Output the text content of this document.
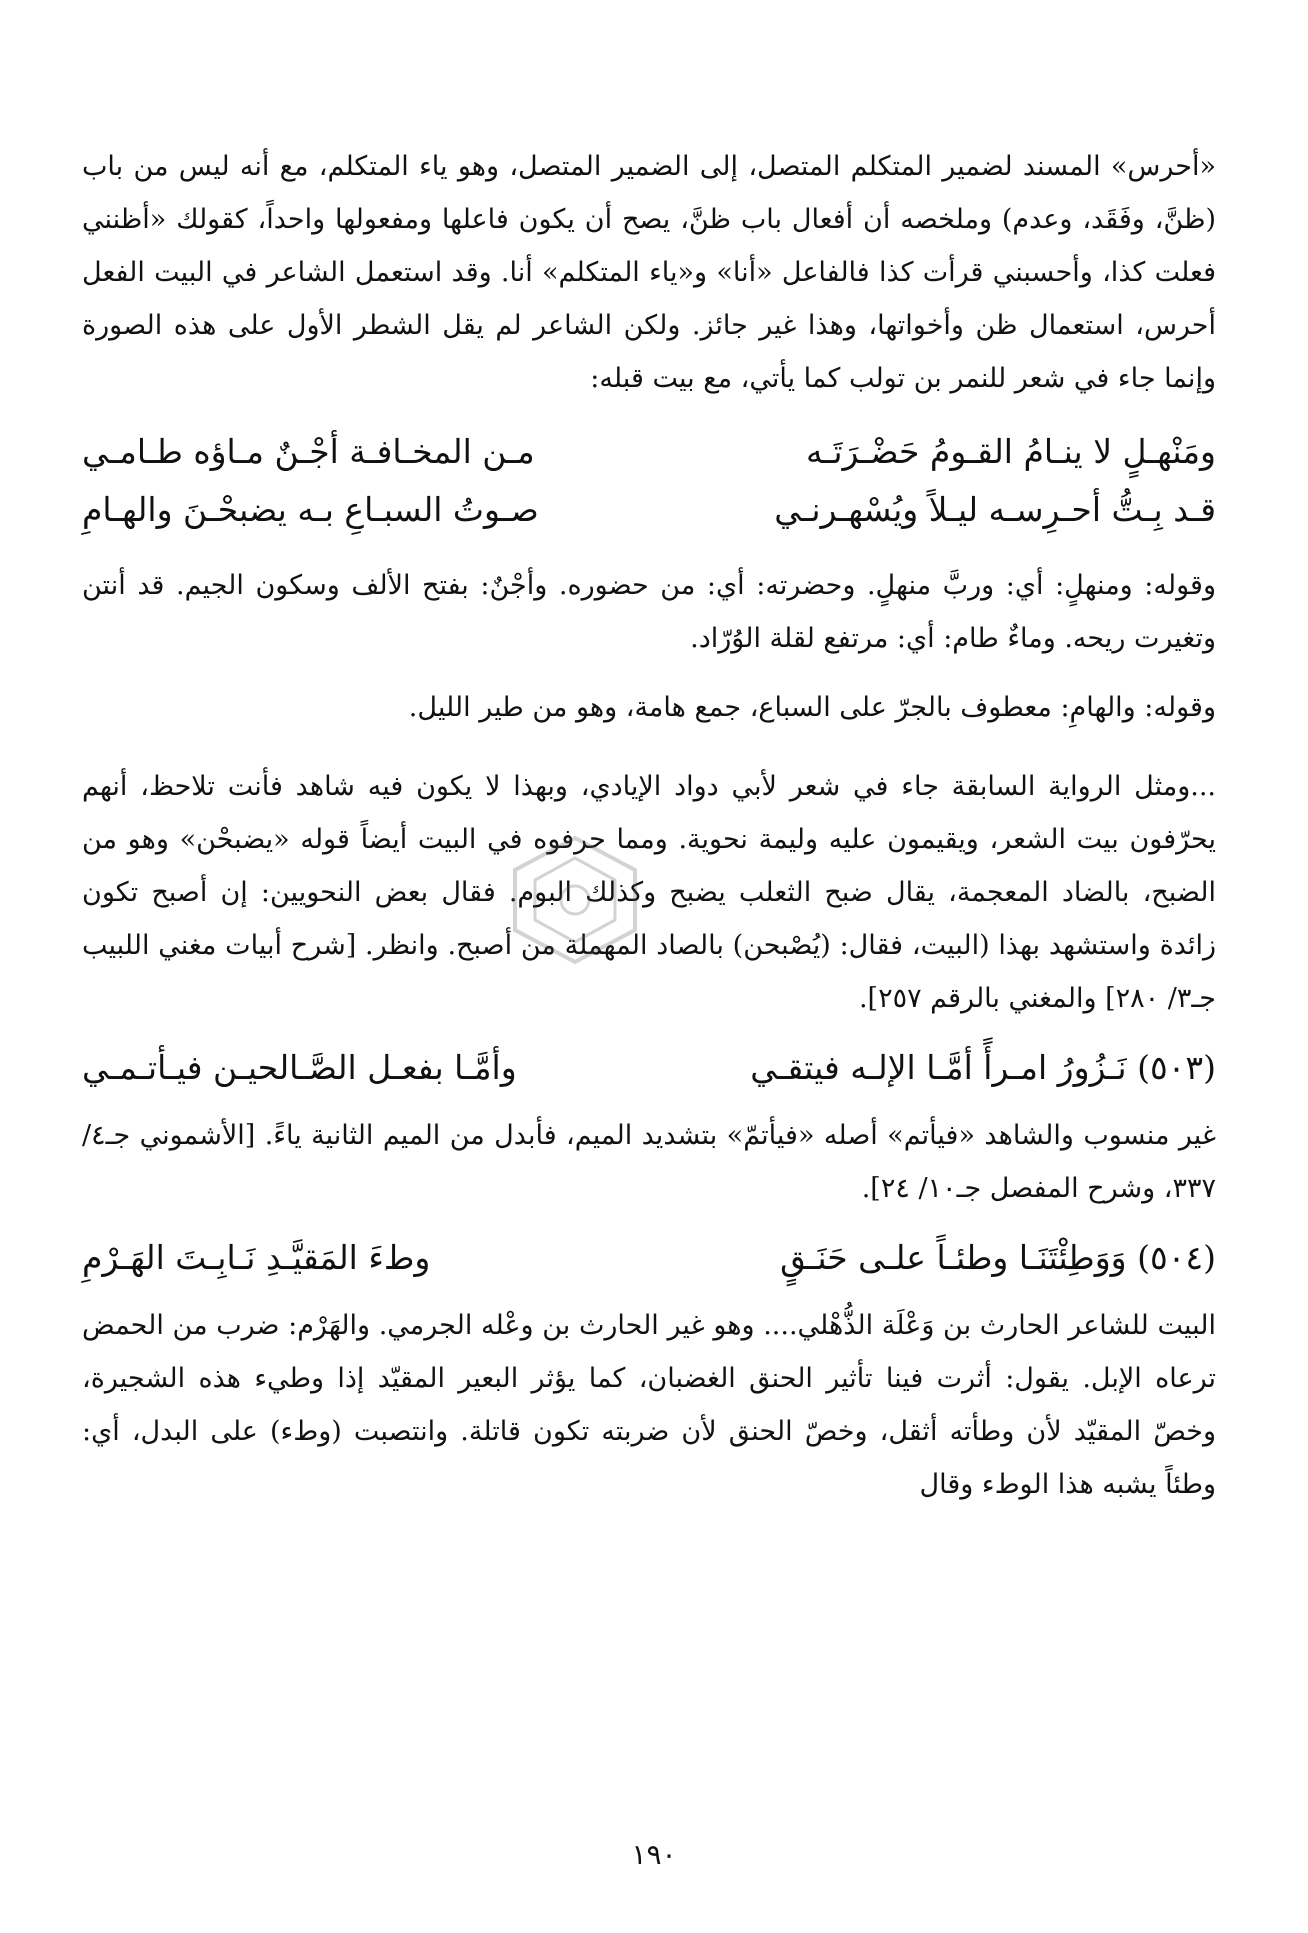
«أحرس» المسند لضمير المتكلم المتصل، إلى الضمير المتصل، وهو ياء المتكلم، مع أنه ليس من باب (ظنَّ، وفَقَد، وعدم) وملخصه أن أفعال باب ظنَّ، يصح أن يكون فاعلها ومفعولها واحداً، كقولك «أظنني فعلت كذا، وأحسبني قرأت كذا فالفاعل «أنا» و«ياء المتكلم» أنا. وقد استعمل الشاعر في البيت الفعل أحرس، استعمال ظن وأخواتها، وهذا غير جائز. ولكن الشاعر لم يقل الشطر الأول على هذه الصورة وإنما جاء في شعر للنمر بن تولب كما يأتي، مع بيت قبله:

ومَنْهـلٍ لا ينـامُ القـومُ حَضْـرَتَـه
مـن المخـافـة أجْـنٌ مـاؤه طـامـي
قـد بِـتُّ أحـرِسـه ليـلاً ويُسْهـرنـي
صـوتُ السبـاعِ بـه يضبحْـنَ والهـامِ

وقوله: ومنهلٍ: أي: وربَّ منهلٍ. وحضرته: أي: من حضوره. وأجْنٌ: بفتح الألف وسكون الجيم. قد أنتن وتغيرت ريحه. وماءٌ طام: أي: مرتفع لقلة الوُرّاد.

وقوله: والهامِ: معطوف بالجرّ على السباع، جمع هامة، وهو من طير الليل.

...ومثل الرواية السابقة جاء في شعر لأبي دواد الإيادي، وبهذا لا يكون فيه شاهد فأنت تلاحظ، أنهم يحرّفون بيت الشعر، ويقيمون عليه وليمة نحوية. ومما حرفوه في البيت أيضاً قوله «يضبحْن» وهو من الضبح، بالضاد المعجمة، يقال ضبح الثعلب يضبح وكذلك البوم. فقال بعض النحويين: إن أصبح تكون زائدة واستشهد بهذا (البيت، فقال: (يُصْبحن) بالصاد المهملة من أصبح. وانظر. [شرح أبيات مغني اللبيب جـ٣/ ٢٨٠] والمغني بالرقم ٢٥٧].

(٥٠٣) نَـزُورُ امـرأً أمَّـا الإلـه فيتقـي
وأمَّـا بفعـل الصَّـالحيـن فيـأتـمـي

غير منسوب والشاهد «فيأتم» أصله «فيأتمّ» بتشديد الميم، فأبدل من الميم الثانية ياءً. [الأشموني جـ٤/ ٣٣٧، وشرح المفصل جـ١٠/ ٢٤].

(٥٠٤) وَوَطِئْتَنَـا وطئـاً علـى حَنَـقٍ
وطءَ المَقيَّـدِ نَـابِـتَ الهَـرْمِ

البيت للشاعر الحارث بن وَعْلَة الذُّهْلي.... وهو غير الحارث بن وعْله الجرمي. والهَرْم: ضرب من الحمض ترعاه الإبل. يقول: أثرت فينا تأثير الحنق الغضبان، كما يؤثر البعير المقيّد إذا وطيء هذه الشجيرة، وخصّ المقيّد لأن وطأته أثقل، وخصّ الحنق لأن ضربته تكون قاتلة. وانتصبت (وطء) على البدل، أي: وطئاً يشبه هذا الوطء وقال

١٩٠
